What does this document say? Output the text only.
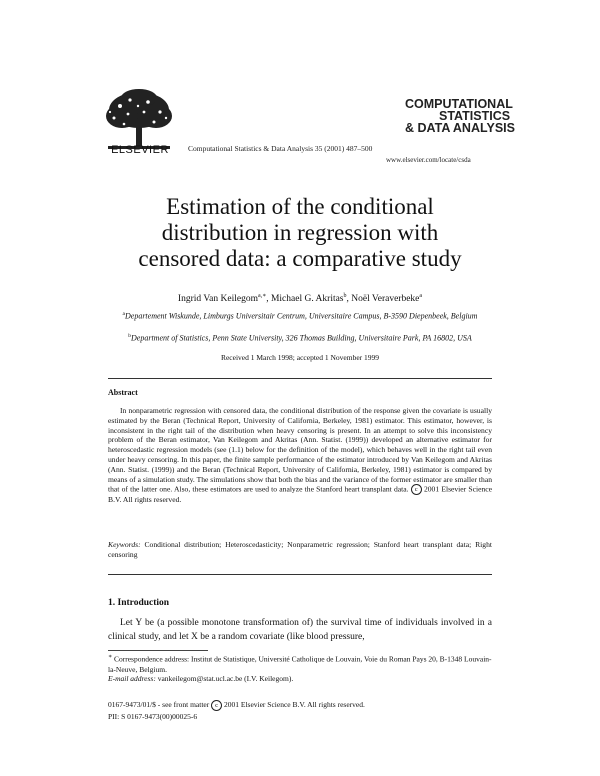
ELSEVIER	Computational Statistics & Data Analysis 35 (2001) 487–500
COMPUTATIONAL
STATISTICS
& DATA ANALYSIS
www.elsevier.com/locate/csda
Estimation of the conditional
distribution in regression with
censored data: a comparative study
Ingrid Van Keilegom$^{a,∗}$, Michael G. Akritas$^b$, Noël Veraverbeke$^a$
$^a$Departement Wiskunde, Limburgs Universitair Centrum, Universitaire Campus, B-3590 Diepenbeek, Belgium
$^b$Department of Statistics, Penn State University, 326 Thomas Building, Universitaire Park, PA 16802, USA
Received 1 March 1998; accepted 1 November 1999
Abstract
In nonparametric regression with censored data, the conditional distribution of the response given the covariate is usually estimated by the Beran (Technical Report, University of California, Berkeley, 1981) estimator. This estimator, however, is inconsistent in the right tail of the distribution when heavy censoring is present. In an attempt to solve this inconsistency problem of the Beran estimator, Van Keilegom and Akritas (Ann. Statist. (1999)) developed an alternative estimator for heteroscedastic regression models (see (1.1) below for the definition of the model), which behaves well in the right tail even under heavy censoring. In this paper, the finite sample performance of the estimator introduced by Van Keilegom and Akritas (Ann. Statist. (1999)) and the Beran (Technical Report, University of California, Berkeley, 1981) estimator is compared by means of a simulation study. The simulations show that both the bias and the variance of the former estimator are smaller than that of the latter one. Also, these estimators are used to analyze the Stanford heart transplant data. c 2001 Elsevier Science B.V. All rights reserved.
Keywords: Conditional distribution; Heteroscedasticity; Nonparametric regression; Stanford heart transplant data; Right censoring
1. Introduction
Let Y be (a possible monotone transformation of) the survival time of individuals involved in a clinical study, and let X be a random covariate (like blood pressure,
∗ Correspondence address: Institut de Statistique, Université Catholique de Louvain, Voie du Roman Pays 20, B-1348 Louvain-la-Neuve, Belgium.
E-mail address: vankeilegom@stat.ucl.ac.be (I.V. Keilegom).
0167-9473/01/$ - see front matter c 2001 Elsevier Science B.V. All rights reserved.
PII: S 0167-9473(00)00025-6
